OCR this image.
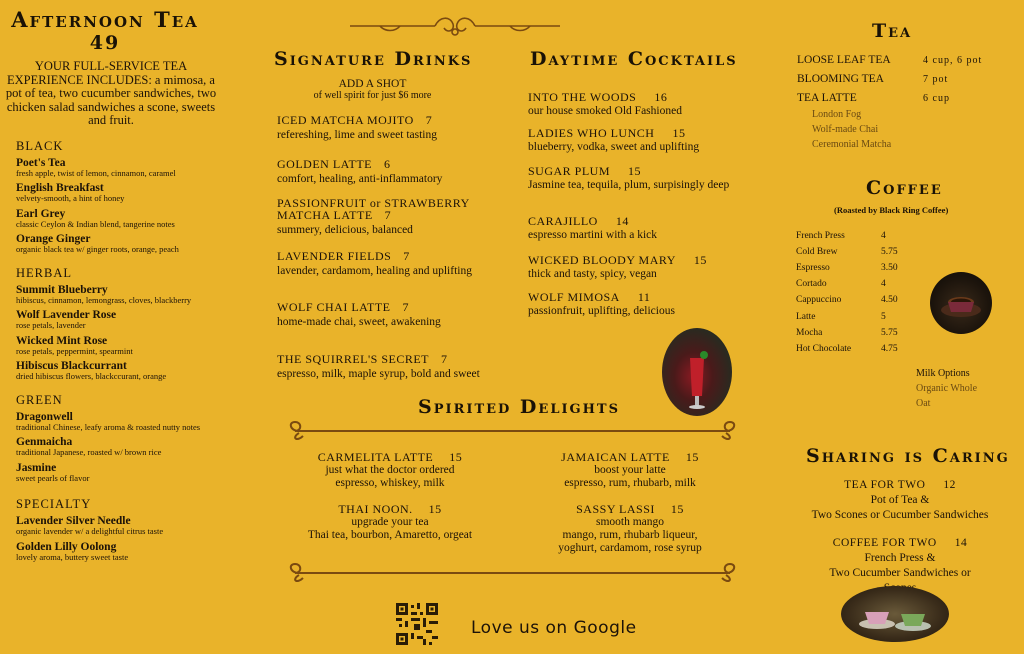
Afternoon Tea
49
YOUR FULL-SERVICE TEA EXPERIENCE INCLUDES: a mimosa, a pot of tea, two cucumber sandwiches, two chicken salad sandwiches a scone, sweets and fruit.
BLACK
Poet's Tea
fresh apple, twist of lemon, cinnamon, caramel
English Breakfast
velvety-smooth, a hint of honey
Earl Grey
classic Ceylon & Indian blend, tangerine notes
Orange Ginger
organic black tea w/ ginger roots, orange, peach
HERBAL
Summit Blueberry
hibiscus, cinnamon, lemongrass, cloves, blackberry
Wolf Lavender Rose
rose petals, lavender
Wicked Mint Rose
rose petals, peppermint, spearmint
Hibiscus Blackcurrant
dried hibiscus flowers, blackccurant, orange
GREEN
Dragonwell
traditional Chinese, leafy aroma & roasted nutty notes
Genmaicha
traditional Japanese, roasted w/ brown rice
Jasmine
sweet pearls of flavor
SPECIALTY
Lavender Silver Needle
organic lavender w/ a delightful citrus taste
Golden Lilly Oolong
lovely aroma, buttery sweet taste
Signature Drinks
ADD A SHOT
of well spirit for just $6 more
ICED MATCHA MOJITO 7
refereshing, lime and sweet tasting
GOLDEN LATTE 6
comfort, healing, anti-inflammatory
PASSIONFRUIT or STRAWBERRY MATCHA LATTE 7
summery, delicious, balanced
LAVENDER FIELDS 7
lavender, cardamom, healing and uplifting
WOLF CHAI LATTE 7
home-made chai, sweet, awakening
THE SQUIRREL'S SECRET 7
espresso, milk, maple syrup, bold and sweet
Daytime Cocktails
INTO THE WOODS 16
our house smoked Old Fashioned
LADIES WHO LUNCH 15
blueberry, vodka, sweet and uplifting
SUGAR PLUM 15
Jasmine tea, tequila, plum, surpisingly deep
CARAJILLO 14
espresso martini with a kick
WICKED BLOODY MARY 15
thick and tasty, spicy, vegan
WOLF MIMOSA 11
passionfruit, uplifting, delicious
Spirited Delights
CARMELITA LATTE 15
just what the doctor ordered
espresso, whiskey, milk
JAMAICAN LATTE 15
boost your latte
espresso, rum, rhubarb, milk
THAI NOON. 15
upgrade your tea
Thai tea, bourbon, Amaretto, orgeat
SASSY LASSI 15
smooth mango
mango, rum, rhubarb liqueur,
yoghurt, cardamom, rose syrup
Love us on Google
Tea
LOOSE LEAF TEA	4 cup, 6 pot
BLOOMING TEA	7 pot
TEA LATTE	6 cup
London Fog
Wolf-made Chai
Ceremonial Matcha
Coffee
(Roasted by Black Ring Coffee)
French Press	4
Cold Brew	5.75
Espresso	3.50
Cortado	4
Cappuccino	4.50
Latte	5
Mocha	5.75
Hot Chocolate	4.75
Milk Options
Organic Whole
Oat
Sharing is Caring
TEA FOR TWO 12
Pot of Tea &
Two Scones or Cucumber Sandwiches
COFFEE FOR TWO 14
French Press &
Two Cucumber Sandwiches or
